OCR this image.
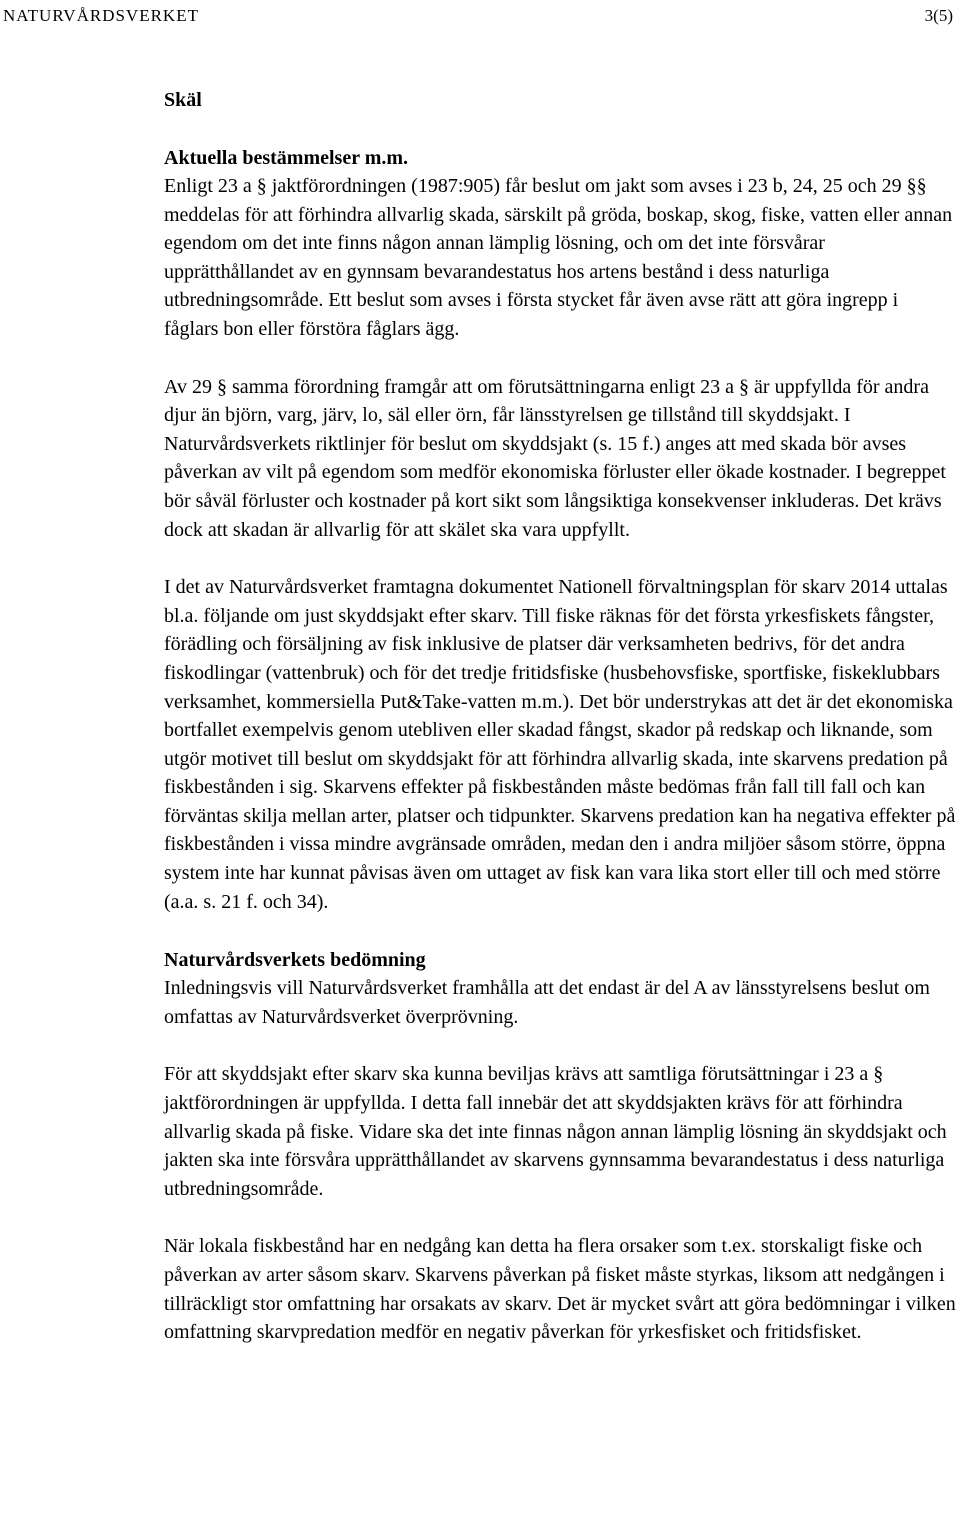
NATURVÅRDSVERKET	3(5)
Skäl
Aktuella bestämmelser m.m.

Enligt 23 a § jaktförordningen (1987:905) får beslut om jakt som avses i 23 b, 24, 25 och 29 §§ meddelas för att förhindra allvarlig skada, särskilt på gröda, boskap, skog, fiske, vatten eller annan egendom om det inte finns någon annan lämplig lösning, och om det inte försvårar upprätthållandet av en gynnsam bevarandestatus hos artens bestånd i dess naturliga utbredningsområde. Ett beslut som avses i första stycket får även avse rätt att göra ingrepp i fåglars bon eller förstöra fåglars ägg.

Av 29 § samma förordning framgår att om förutsättningarna enligt 23 a § är uppfyllda för andra djur än björn, varg, järv, lo, säl eller örn, får länsstyrelsen ge tillstånd till skyddsjakt. I Naturvårdsverkets riktlinjer för beslut om skyddsjakt (s. 15 f.) anges att med skada bör avses påverkan av vilt på egendom som medför ekonomiska förluster eller ökade kostnader. I begreppet bör såväl förluster och kostnader på kort sikt som långsiktiga konsekvenser inkluderas. Det krävs dock att skadan är allvarlig för att skälet ska vara uppfyllt.

I det av Naturvårdsverket framtagna dokumentet Nationell förvaltningsplan för skarv 2014 uttalas bl.a. följande om just skyddsjakt efter skarv. Till fiske räknas för det första yrkesfiskets fångster, förädling och försäljning av fisk inklusive de platser där verksamheten bedrivs, för det andra fiskodlingar (vattenbruk) och för det tredje fritidsfiske (husbehovsfiske, sportfiske, fiskeklubbars verksamhet, kommersiella Put&Take-vatten m.m.). Det bör understrykas att det är det ekonomiska bortfallet exempelvis genom utebliven eller skadad fångst, skador på redskap och liknande, som utgör motivet till beslut om skyddsjakt för att förhindra allvarlig skada, inte skarvens predation på fiskbestånden i sig. Skarvens effekter på fiskbestånden måste bedömas från fall till fall och kan förväntas skilja mellan arter, platser och tidpunkter. Skarvens predation kan ha negativa effekter på fiskbestånden i vissa mindre avgränsade områden, medan den i andra miljöer såsom större, öppna system inte har kunnat påvisas även om uttaget av fisk kan vara lika stort eller till och med större (a.a. s. 21 f. och 34).

Naturvårdsverkets bedömning

Inledningsvis vill Naturvårdsverket framhålla att det endast är del A av länsstyrelsens beslut om omfattas av Naturvårdsverket överprövning.

För att skyddsjakt efter skarv ska kunna beviljas krävs att samtliga förutsättningar i 23 a § jaktförordningen är uppfyllda. I detta fall innebär det att skyddsjakten krävs för att förhindra allvarlig skada på fiske. Vidare ska det inte finnas någon annan lämplig lösning än skyddsjakt och jakten ska inte försvåra upprätthållandet av skarvens gynnsamma bevarandestatus i dess naturliga utbredningsområde.

När lokala fiskbestånd har en nedgång kan detta ha flera orsaker som t.ex. storskaligt fiske och påverkan av arter såsom skarv. Skarvens påverkan på fisket måste styrkas, liksom att nedgången i tillräckligt stor omfattning har orsakats av skarv. Det är mycket svårt att göra bedömningar i vilken omfattning skarvpredation medför en negativ påverkan för yrkesfisket och fritidsfisket.
